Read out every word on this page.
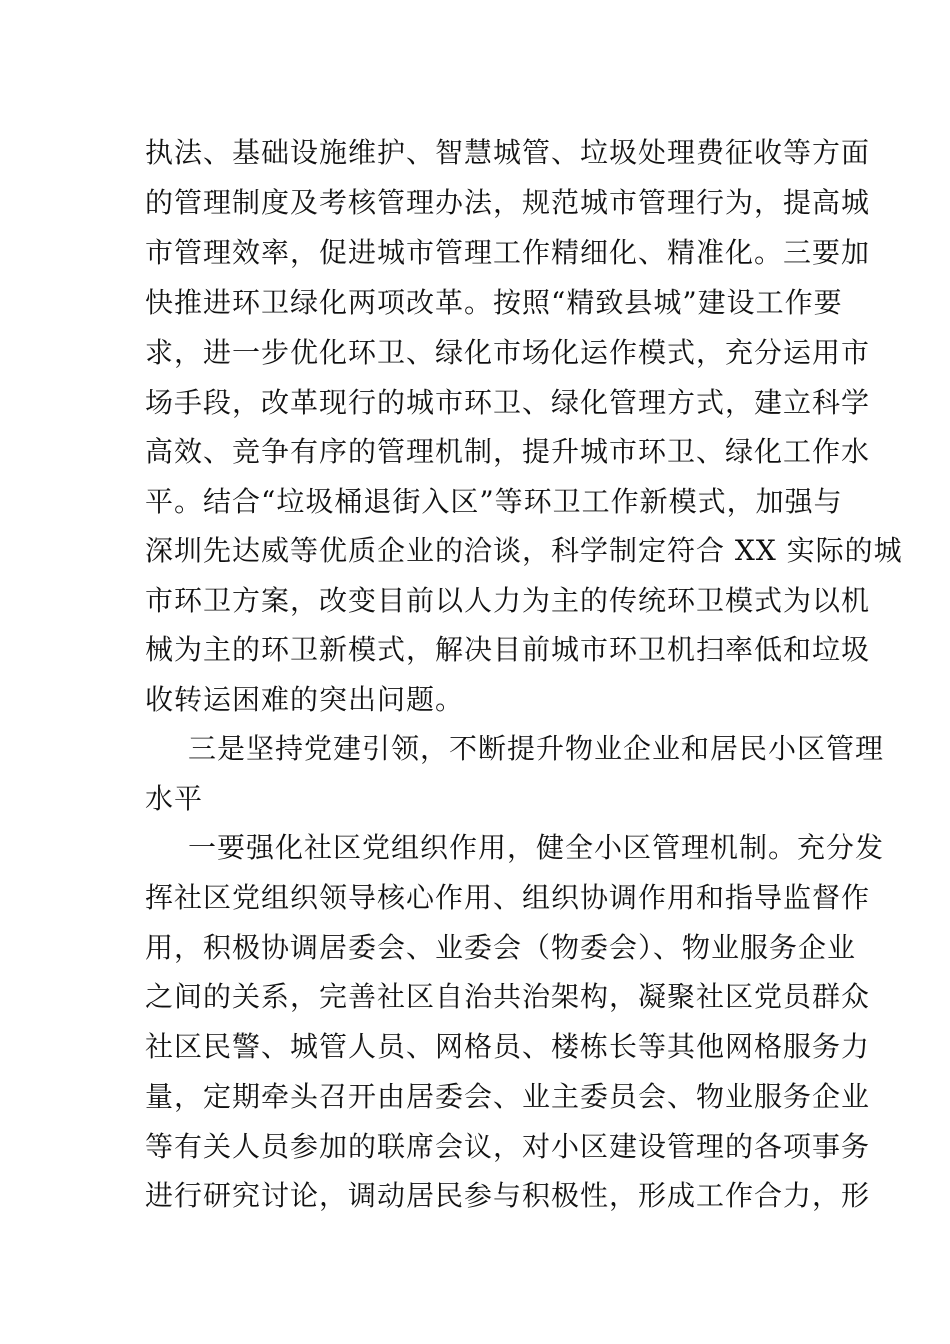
执法、基础设施维护、智慧城管、垃圾处理费征收等方面
的管理制度及考核管理办法，规范城市管理行为，提高城
市管理效率，促进城市管理工作精细化、精准化。三要加
快推进环卫绿化两项改革。按照“精致县城”建设工作要
求，进一步优化环卫、绿化市场化运作模式，充分运用市
场手段，改革现行的城市环卫、绿化管理方式，建立科学
高效、竞争有序的管理机制，提升城市环卫、绿化工作水
平。结合“垃圾桶退街入区”等环卫工作新模式，加强与
深圳先达威等优质企业的洽谈，科学制定符合 XX 实际的城
市环卫方案，改变目前以人力为主的传统环卫模式为以机
械为主的环卫新模式，解决目前城市环卫机扫率低和垃圾
收转运困难的突出问题。
三是坚持党建引领，不断提升物业企业和居民小区管理
水平
一要强化社区党组织作用，健全小区管理机制。充分发
挥社区党组织领导核心作用、组织协调作用和指导监督作
用，积极协调居委会、业委会（物委会）、物业服务企业
之间的关系，完善社区自治共治架构，凝聚社区党员群众
社区民警、城管人员、网格员、楼栋长等其他网格服务力
量，定期牵头召开由居委会、业主委员会、物业服务企业
等有关人员参加的联席会议，对小区建设管理的各项事务
进行研究讨论，调动居民参与积极性，形成工作合力，形
